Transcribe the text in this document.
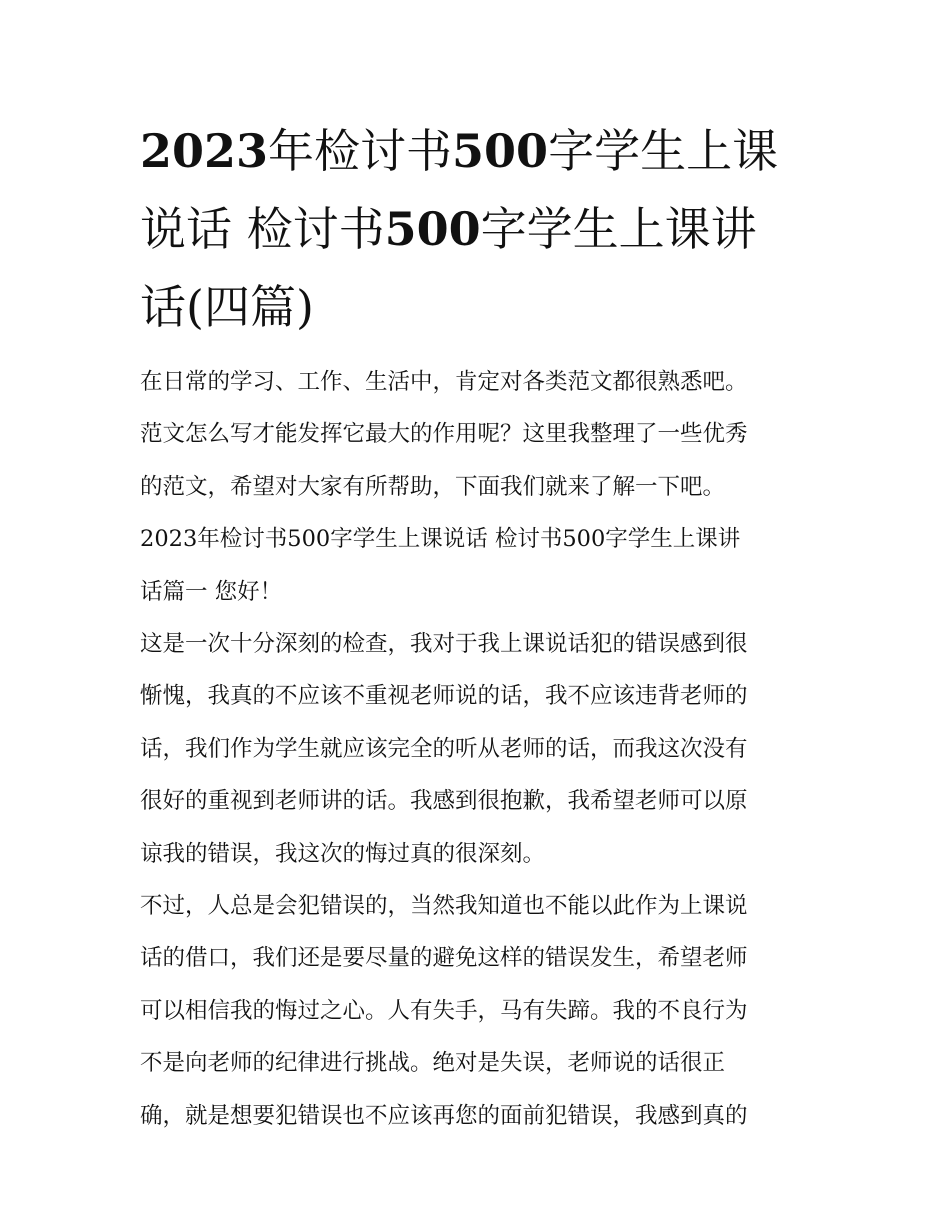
2023年检讨书500字学生上课
说话 检讨书500字学生上课讲
话(四篇)
在日常的学习、工作、生活中，肯定对各类范文都很熟悉吧。
范文怎么写才能发挥它最大的作用呢？这里我整理了一些优秀
的范文，希望对大家有所帮助，下面我们就来了解一下吧。
2023年检讨书500字学生上课说话 检讨书500字学生上课讲
话篇一 您好！
这是一次十分深刻的检查，我对于我上课说话犯的错误感到很
惭愧，我真的不应该不重视老师说的话，我不应该违背老师的
话，我们作为学生就应该完全的听从老师的话，而我这次没有
很好的重视到老师讲的话。我感到很抱歉，我希望老师可以原
谅我的错误，我这次的悔过真的很深刻。
不过，人总是会犯错误的，当然我知道也不能以此作为上课说
话的借口，我们还是要尽量的避免这样的错误发生，希望老师
可以相信我的悔过之心。人有失手，马有失蹄。我的不良行为
不是向老师的纪律进行挑战。绝对是失误，老师说的话很正
确，就是想要犯错误也不应该再您的面前犯错误，我感到真的
